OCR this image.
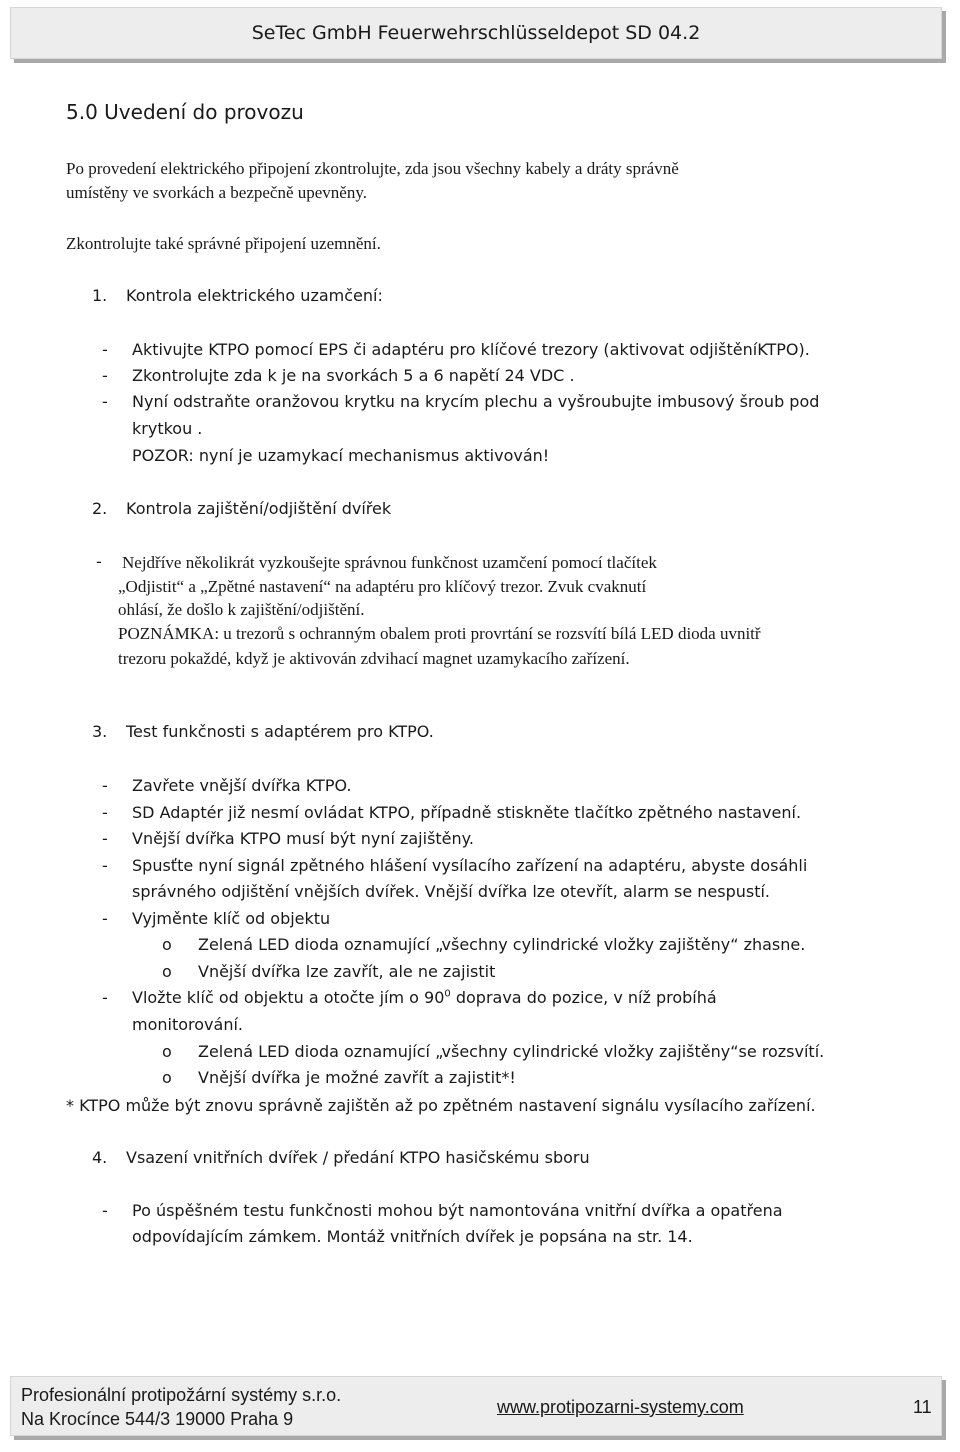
SeTec GmbH Feuerwehrschlüsseldepot SD 04.2
5.0 Uvedení do provozu
Po provedení elektrického připojení zkontrolujte, zda jsou všechny kabely a dráty správně
umístěny ve svorkách a bezpečně upevněny.
Zkontrolujte také správné připojení uzemnění.
1. Kontrola elektrického uzamčení:
- Aktivujte KTPO pomocí EPS či adaptéru pro klíčové trezory (aktivovat odjištěníKTPO).
- Zkontrolujte zda k je na svorkách 5 a 6 napětí 24 VDC .
- Nyní odstraňte oranžovou krytku na krycím plechu a vyšroubujte imbusový šroub pod
krytkou .
POZOR: nyní je uzamykací mechanismus aktivován!
2. Kontrola zajištění/odjištění dvířek
- Nejdříve několikrát vyzkoušejte správnou funkčnost uzamčení pomocí tlačítek
„Odjistit“ a „Zpětné nastavení“ na adaptéru pro klíčový trezor. Zvuk cvaknutí
ohlásí, že došlo k zajištění/odjištění.
POZNÁMKA: u trezorů s ochranným obalem proti provrtání se rozsvítí bílá LED dioda uvnitř
trezoru pokaždé, když je aktivován zdvihací magnet uzamykacího zařízení.
3. Test funkčnosti s adaptérem pro KTPO.
- Zavřete vnější dvířka KTPO.
- SD Adaptér již nesmí ovládat KTPO, případně stiskněte tlačítko zpětného nastavení.
- Vnější dvířka KTPO musí být nyní zajištěny.
- Spusťte nyní signál zpětného hlášení vysílacího zařízení na adaptéru, abyste dosáhli
správného odjištění vnějších dvířek. Vnější dvířka lze otevřít, alarm se nespustí.
- Vyjměnte klíč od objektu
o Zelená LED dioda oznamující „všechny cylindrické vložky zajištěny“ zhasne.
o Vnější dvířka lze zavřít, ale ne zajistit
- Vložte klíč od objektu a otočte jím o $90^0$ doprava do pozice, v níž probíhá
monitorování.
o Zelená LED dioda oznamující „všechny cylindrické vložky zajištěny“se rozsvítí.
o Vnější dvířka je možné zavřít a zajistit*!
* KTPO může být znovu správně zajištěn až po zpětném nastavení signálu vysílacího zařízení.
4. Vsazení vnitřních dvířek / předání KTPO hasičskému sboru
- Po úspěšném testu funkčnosti mohou být namontována vnitřní dvířka a opatřena
odpovídajícím zámkem. Montáž vnitřních dvířek je popsána na str. 14.
Profesionální protipožární systémy s.r.o.
Na Krocínce 544/3 19000 Praha 9
www.protipozarni-systemy.com	11
